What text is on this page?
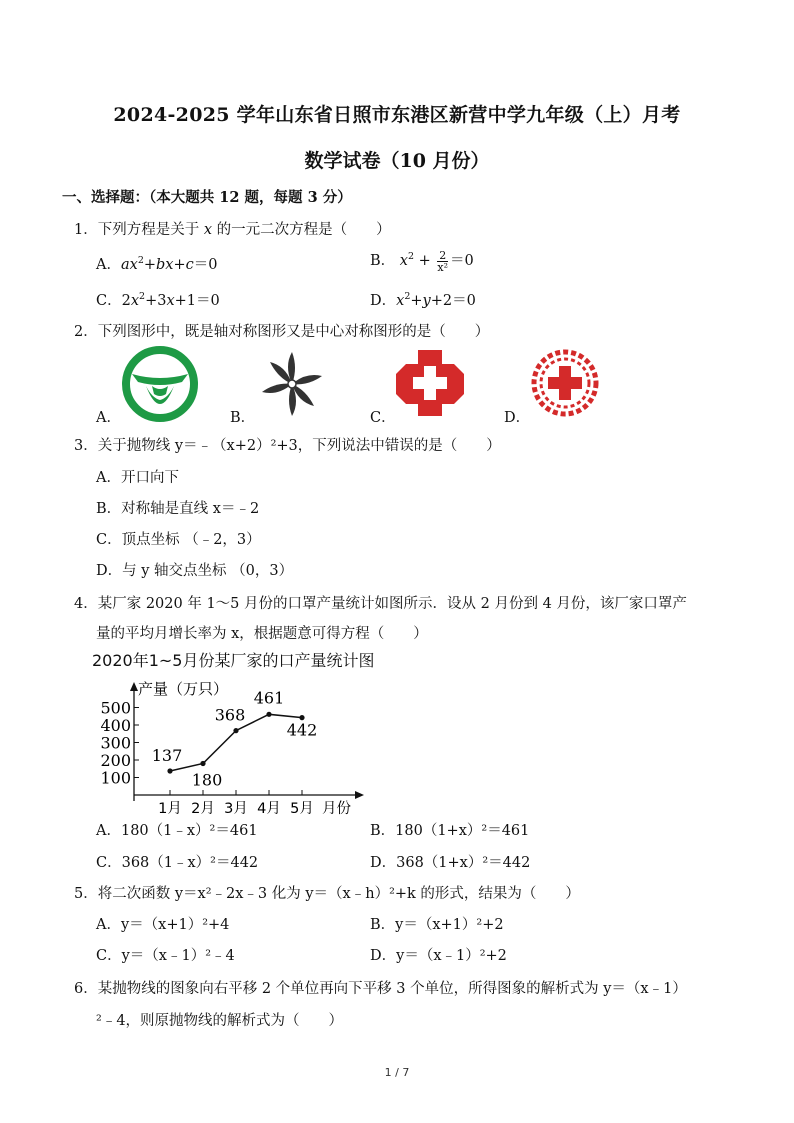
2024-2025 学年山东省日照市东港区新营中学九年级（上）月考
数学试卷（10 月份）
一、选择题：（本大题共 12 题，每题 3 分）
1．下列方程是关于 x 的一元二次方程是（　　）
A．$ax^2+bx+c=0$	B． $x^2 + \frac{2}{\text{x²}} =0$
C．$2x^2+3x+1=0$	D．$x^2+y+2=0$
2．下列图形中，既是轴对称图形又是中心对称图形的是（　　）
A．	B．	C．	D．
3．关于抛物线 y＝﹣（x+2）²+3，下列说法中错误的是（　　）
A．开口向下
B．对称轴是直线 x＝﹣2
C．顶点坐标 （﹣2，3）
D．与 y 轴交点坐标 （0，3）
4．某厂家 2020 年 1～5 月份的口罩产量统计如图所示．设从 2 月份到 4 月份，该厂家口罩产
量的平均月增长率为 x，根据题意可得方程（　　）
2020年1~5月份某厂家的口产量统计图
100
200
300
400
500
产量（万只）
1月 2月 3月 4月 5月 月份
137
180
368
461
442
A．180（1﹣x）²＝461	B．180（1+x）²＝461
C．368（1﹣x）²＝442	D．368（1+x）²＝442
5．将二次函数 y＝x²﹣2x﹣3 化为 y＝（x﹣h）²+k 的形式，结果为（　　）
A．y＝（x+1）²+4	B．y＝（x+1）²+2
C．y＝（x﹣1）²﹣4	D．y＝（x﹣1）²+2
6．某抛物线的图象向右平移 2 个单位再向下平移 3 个单位，所得图象的解析式为 y＝（x﹣1）
²﹣4，则原抛物线的解析式为（　　）
1 / 7
